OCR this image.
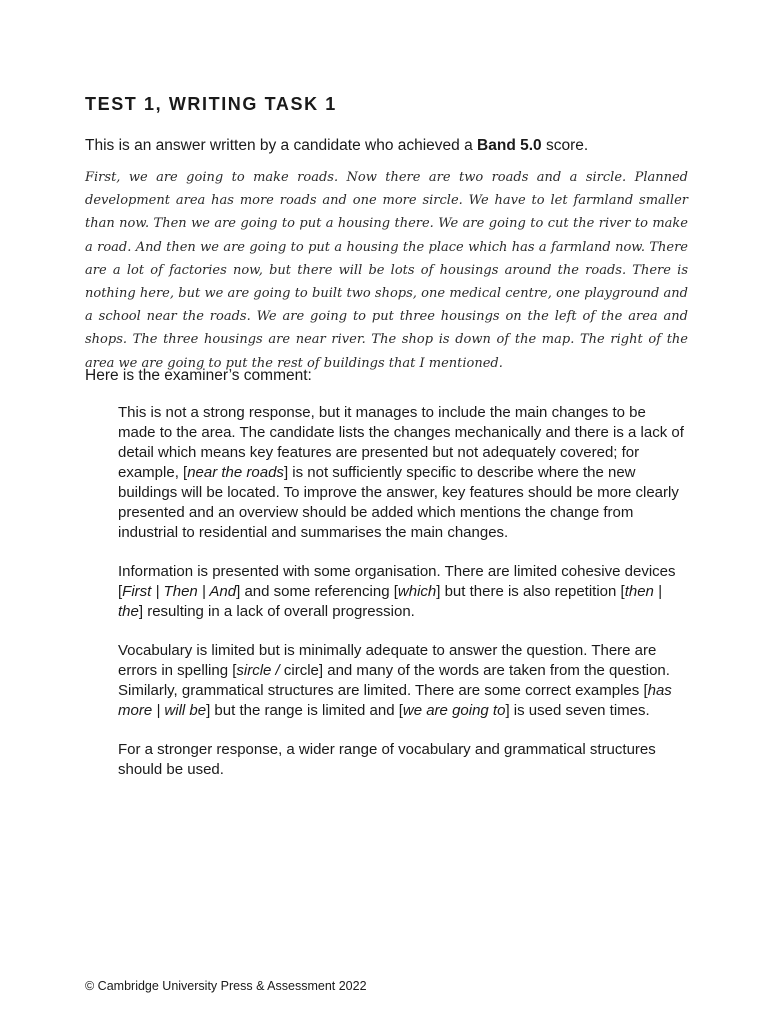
TEST 1, WRITING TASK 1
This is an answer written by a candidate who achieved a Band 5.0 score.
First, we are going to make roads. Now there are two roads and a sircle. Planned development area has more roads and one more sircle. We have to let farmland smaller than now. Then we are going to put a housing there. We are going to cut the river to make a road. And then we are going to put a housing the place which has a farmland now. There are a lot of factories now, but there will be lots of housings around the roads. There is nothing here, but we are going to built two shops, one medical centre, one playground and a school near the roads. We are going to put three housings on the left of the area and shops. The three housings are near river. The shop is down of the map. The right of the area we are going to put the rest of buildings that I mentioned.
Here is the examiner’s comment:
This is not a strong response, but it manages to include the main changes to be made to the area. The candidate lists the changes mechanically and there is a lack of detail which means key features are presented but not adequately covered; for example, [near the roads] is not sufficiently specific to describe where the new buildings will be located. To improve the answer, key features should be more clearly presented and an overview should be added which mentions the change from industrial to residential and summarises the main changes.
Information is presented with some organisation. There are limited cohesive devices [First | Then | And] and some referencing [which] but there is also repetition [then | the] resulting in a lack of overall progression.
Vocabulary is limited but is minimally adequate to answer the question. There are errors in spelling [sircle / circle] and many of the words are taken from the question. Similarly, grammatical structures are limited. There are some correct examples [has more | will be] but the range is limited and [we are going to] is used seven times.
For a stronger response, a wider range of vocabulary and grammatical structures should be used.
© Cambridge University Press & Assessment 2022
